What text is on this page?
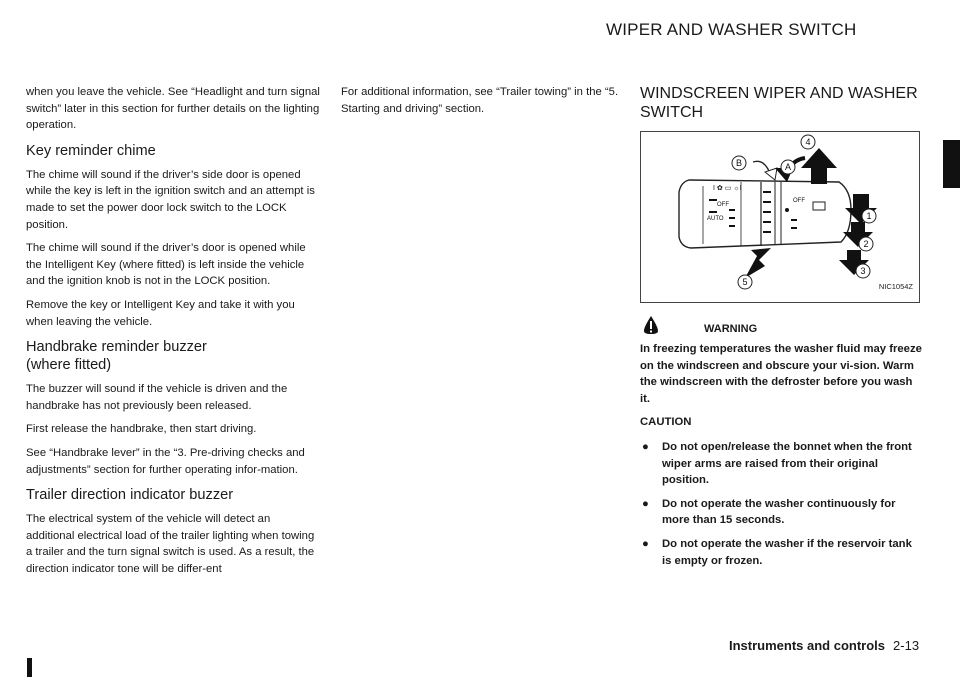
WIPER AND WASHER SWITCH

when you leave the vehicle. See “Headlight and turn signal switch” later in this section for further details on the lighting operation.

Key reminder chime

The chime will sound if the driver’s side door is opened while the key is left in the ignition switch and an attempt is made to set the power door lock switch to the LOCK position.

The chime will sound if the driver’s door is opened while the Intelligent Key (where fitted) is left inside the vehicle and the ignition knob is not in the LOCK position.

Remove the key or Intelligent Key and take it with you when leaving the vehicle.

Handbrake reminder buzzer
(where fitted)

The buzzer will sound if the vehicle is driven and the handbrake has not previously been released.

First release the handbrake, then start driving.

See “Handbrake lever” in the “3. Pre-driving checks and adjustments” section for further operating infor-mation.

Trailer direction indicator buzzer

The electrical system of the vehicle will detect an additional electrical load of the trailer lighting when towing a trailer and the turn signal switch is used. As a result, the direction indicator tone will be differ-ent

For additional information, see “Trailer towing” in the “5. Starting and driving” section.

WINDSCREEN WIPER AND WASHER
SWITCH
I ✿ ▭ ☼I
4
B	A
1
2
3
5
OFF
AUTO
OFF
NIC1054Z
WARNING

In freezing temperatures the washer fluid may freeze on the windscreen and obscure your vi-sion. Warm the windscreen with the defroster before you wash it.

CAUTION

● Do not open/release the bonnet when the front wiper arms are raised from their original position.
● Do not operate the washer continuously for more than 15 seconds.
● Do not operate the washer if the reservoir tank is empty or frozen.
Instruments and controls 2-13
